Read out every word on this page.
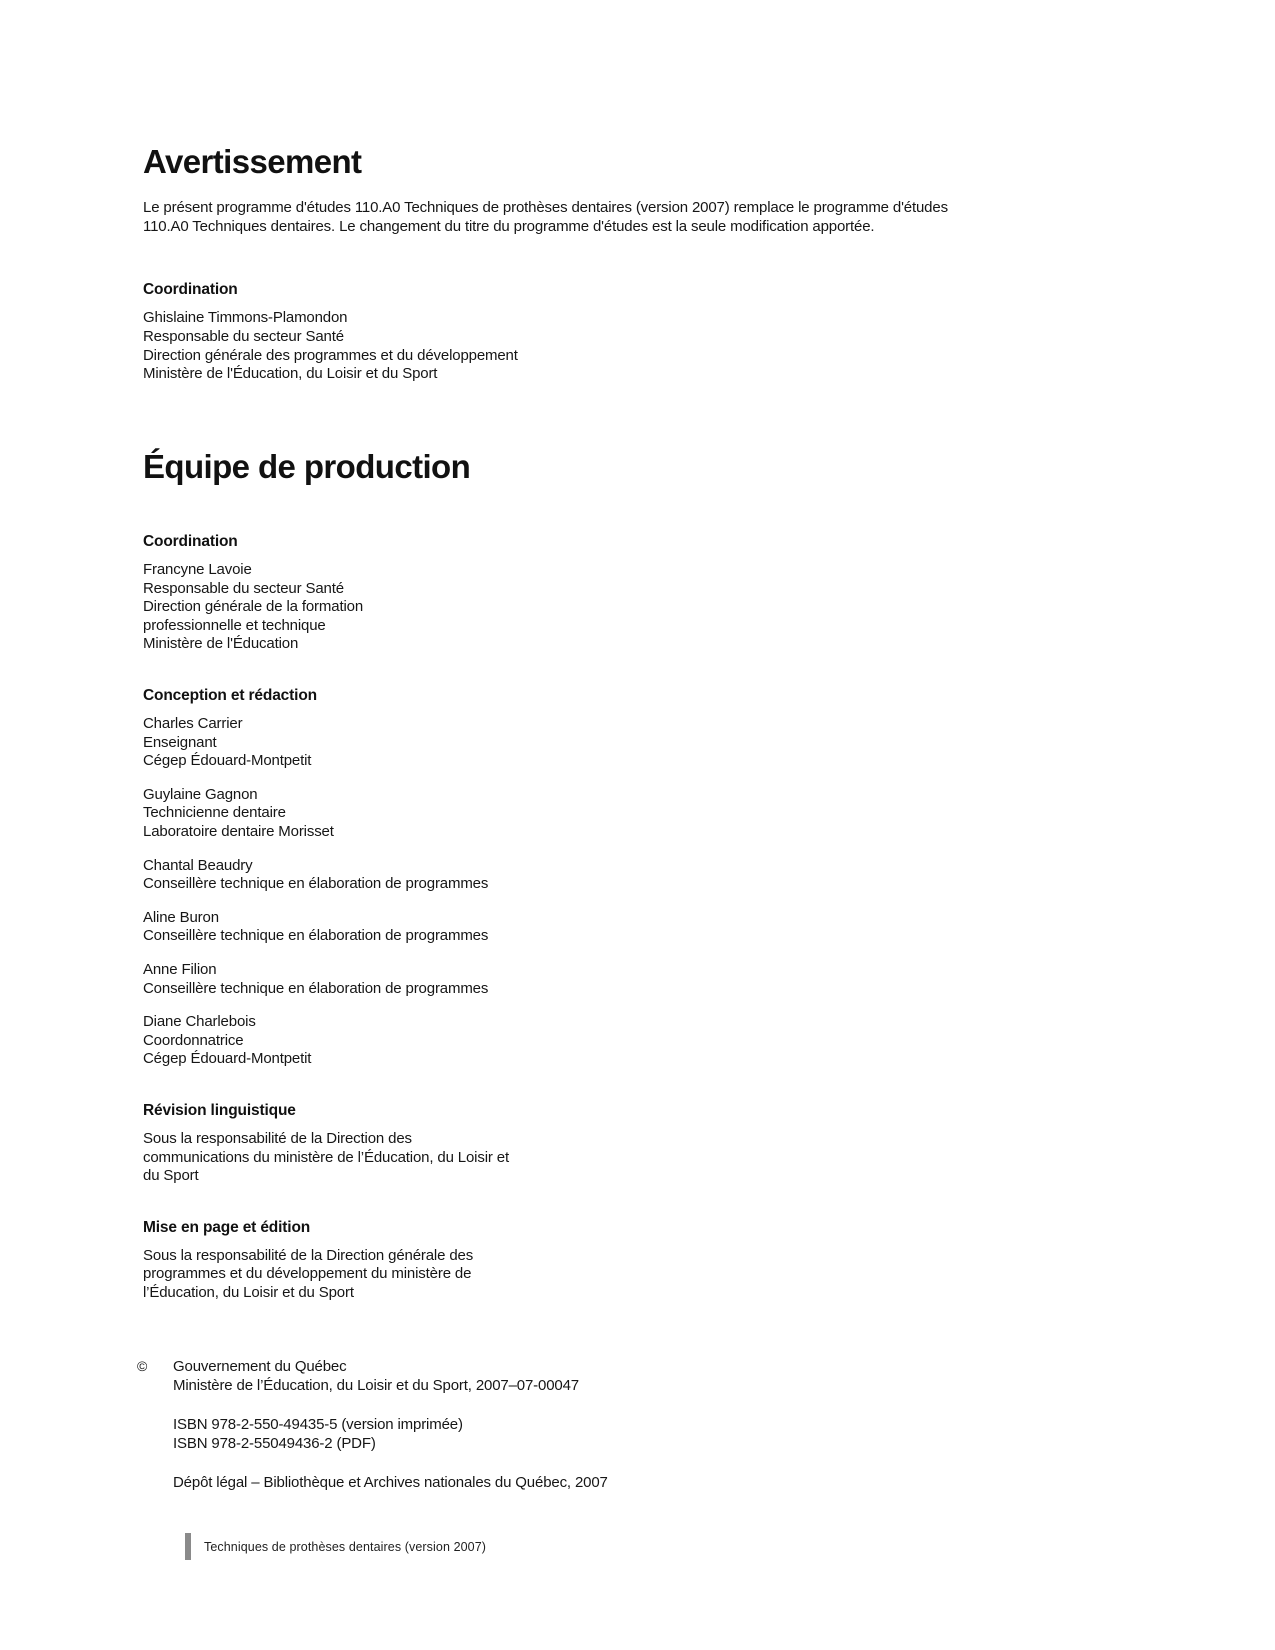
Avertissement
Le présent programme d'études 110.A0 Techniques de prothèses dentaires (version 2007) remplace le programme d'études
110.A0 Techniques dentaires. Le changement du titre du programme d'études est la seule modification apportée.
Coordination
Ghislaine Timmons-Plamondon
Responsable du secteur Santé
Direction générale des programmes et du développement
Ministère de l'Éducation, du Loisir et du Sport
Équipe de production
Coordination
Francyne Lavoie
Responsable du secteur Santé
Direction générale de la formation
professionnelle et technique
Ministère de l'Éducation
Conception et rédaction
Charles Carrier
Enseignant
Cégep Édouard-Montpetit
Guylaine Gagnon
Technicienne dentaire
Laboratoire dentaire Morisset
Chantal Beaudry
Conseillère technique en élaboration de programmes
Aline Buron
Conseillère technique en élaboration de programmes
Anne Filion
Conseillère technique en élaboration de programmes
Diane Charlebois
Coordonnatrice
Cégep Édouard-Montpetit
Révision linguistique
Sous la responsabilité de la Direction des
communications du ministère de l’Éducation, du Loisir et
du Sport
Mise en page et édition
Sous la responsabilité de la Direction générale des
programmes et du développement du ministère de
l’Éducation, du Loisir et du Sport
©	Gouvernement du Québec
Ministère de l’Éducation, du Loisir et du Sport, 2007–07-00047
ISBN 978-2-550-49435-5 (version imprimée)
ISBN 978-2-55049436-2 (PDF)
Dépôt légal – Bibliothèque et Archives nationales du Québec, 2007
Techniques de prothèses dentaires (version 2007)
